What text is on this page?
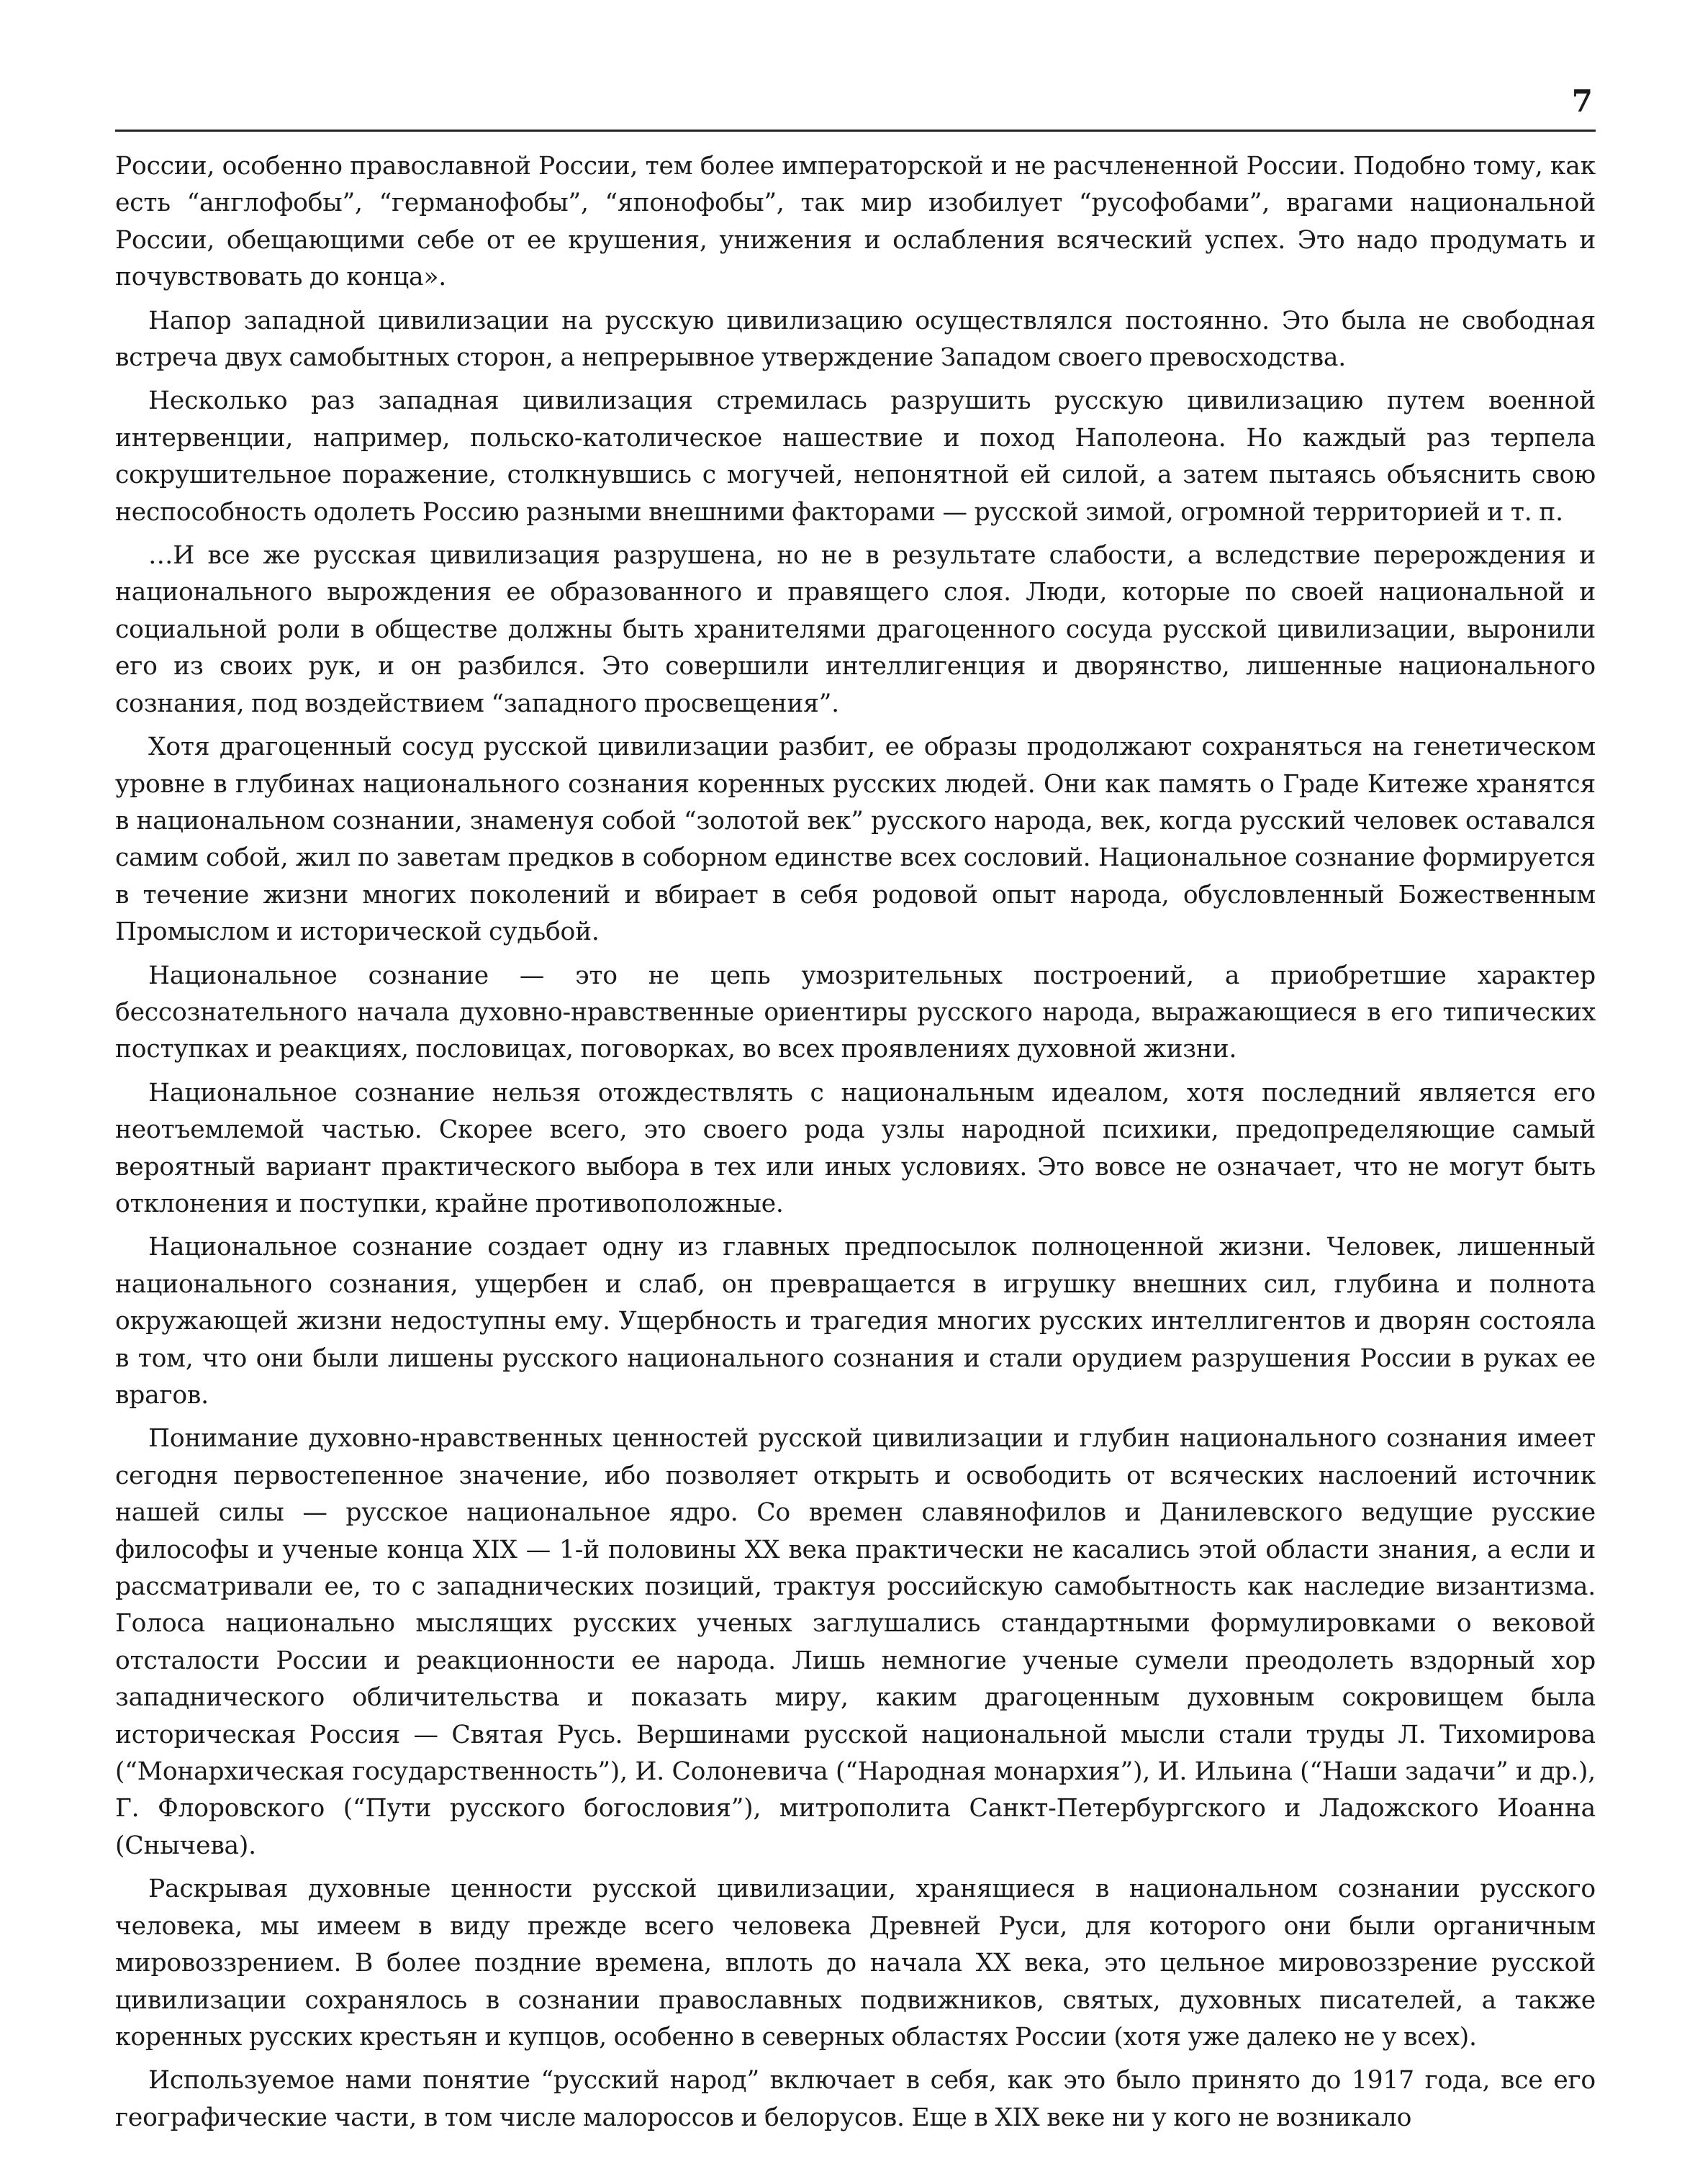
7

России, особенно православной России, тем более императорской и не расчлененной России. Подобно тому, как есть “англофобы”, “германофобы”, “японофобы”, так мир изобилует “русофобами”, врагами национальной России, обещающими себе от ее крушения, унижения и ослабления всяческий успех. Это надо продумать и почувствовать до конца».

Напор западной цивилизации на русскую цивилизацию осуществлялся постоянно. Это была не свободная встреча двух самобытных сторон, а непрерывное утверждение Западом своего превосходства.

Несколько раз западная цивилизация стремилась разрушить русскую цивилизацию путем военной интервенции, например, польско-католическое нашествие и поход Наполеона. Но каждый раз терпела сокрушительное поражение, столкнувшись с могучей, непонятной ей силой, а затем пытаясь объяснить свою неспособность одолеть Россию разными внешними факторами — русской зимой, огромной территорией и т. п.

…И все же русская цивилизация разрушена, но не в результате слабости, а вследствие перерождения и национального вырождения ее образованного и правящего слоя. Люди, которые по своей национальной и социальной роли в обществе должны быть хранителями драгоценного сосуда русской цивилизации, выронили его из своих рук, и он разбился. Это совершили интеллигенция и дворянство, лишенные национального сознания, под воздействием “западного просвещения”.

Хотя драгоценный сосуд русской цивилизации разбит, ее образы продолжают сохраняться на генетическом уровне в глубинах национального сознания коренных русских людей. Они как память о Граде Китеже хранятся в национальном сознании, знаменуя собой “золотой век” русского народа, век, когда русский человек оставался самим собой, жил по заветам предков в соборном единстве всех сословий. Национальное сознание формируется в течение жизни многих поколений и вбирает в себя родовой опыт народа, обусловленный Божественным Промыслом и исторической судьбой.

Национальное сознание — это не цепь умозрительных построений, а приобретшие характер бессознательного начала духовно-нравственные ориентиры русского народа, выражающиеся в его типических поступках и реакциях, пословицах, поговорках, во всех проявлениях духовной жизни.

Национальное сознание нельзя отождествлять с национальным идеалом, хотя последний является его неотъемлемой частью. Скорее всего, это своего рода узлы народной психики, предопределяющие самый вероятный вариант практического выбора в тех или иных условиях. Это вовсе не означает, что не могут быть отклонения и поступки, крайне противоположные.

Национальное сознание создает одну из главных предпосылок полноценной жизни. Человек, лишенный национального сознания, ущербен и слаб, он превращается в игрушку внешних сил, глубина и полнота окружающей жизни недоступны ему. Ущербность и трагедия многих русских интеллигентов и дворян состояла в том, что они были лишены русского национального сознания и стали орудием разрушения России в руках ее врагов.

Понимание духовно-нравственных ценностей русской цивилизации и глубин национального сознания имеет сегодня первостепенное значение, ибо позволяет открыть и освободить от всяческих наслоений источник нашей силы — русское национальное ядро. Со времен славянофилов и Данилевского ведущие русские философы и ученые конца XIX — 1-й половины XX века практически не касались этой области знания, а если и рассматривали ее, то с западнических позиций, трактуя российскую самобытность как наследие византизма. Голоса национально мыслящих русских ученых заглушались стандартными формулировками о вековой отсталости России и реакционности ее народа. Лишь немногие ученые сумели преодолеть вздорный хор западнического обличительства и показать миру, каким драгоценным духовным сокровищем была историческая Россия — Святая Русь. Вершинами русской национальной мысли стали труды Л. Тихомирова (“Монархическая государственность”), И. Солоневича (“Народная монархия”), И. Ильина (“Наши задачи” и др.), Г. Флоровского (“Пути русского богословия”), митрополита Санкт-Петербургского и Ладожского Иоанна (Снычева).

Раскрывая духовные ценности русской цивилизации, хранящиеся в национальном сознании русского человека, мы имеем в виду прежде всего человека Древней Руси, для которого они были органичным мировоззрением. В более поздние времена, вплоть до начала XX века, это цельное мировоззрение русской цивилизации сохранялось в сознании православных подвижников, святых, духовных писателей, а также коренных русских крестьян и купцов, особенно в северных областях России (хотя уже далеко не у всех).

Используемое нами понятие “русский народ” включает в себя, как это было принято до 1917 года, все его географические части, в том числе малороссов и белорусов. Еще в XIX веке ни у кого не возникало
